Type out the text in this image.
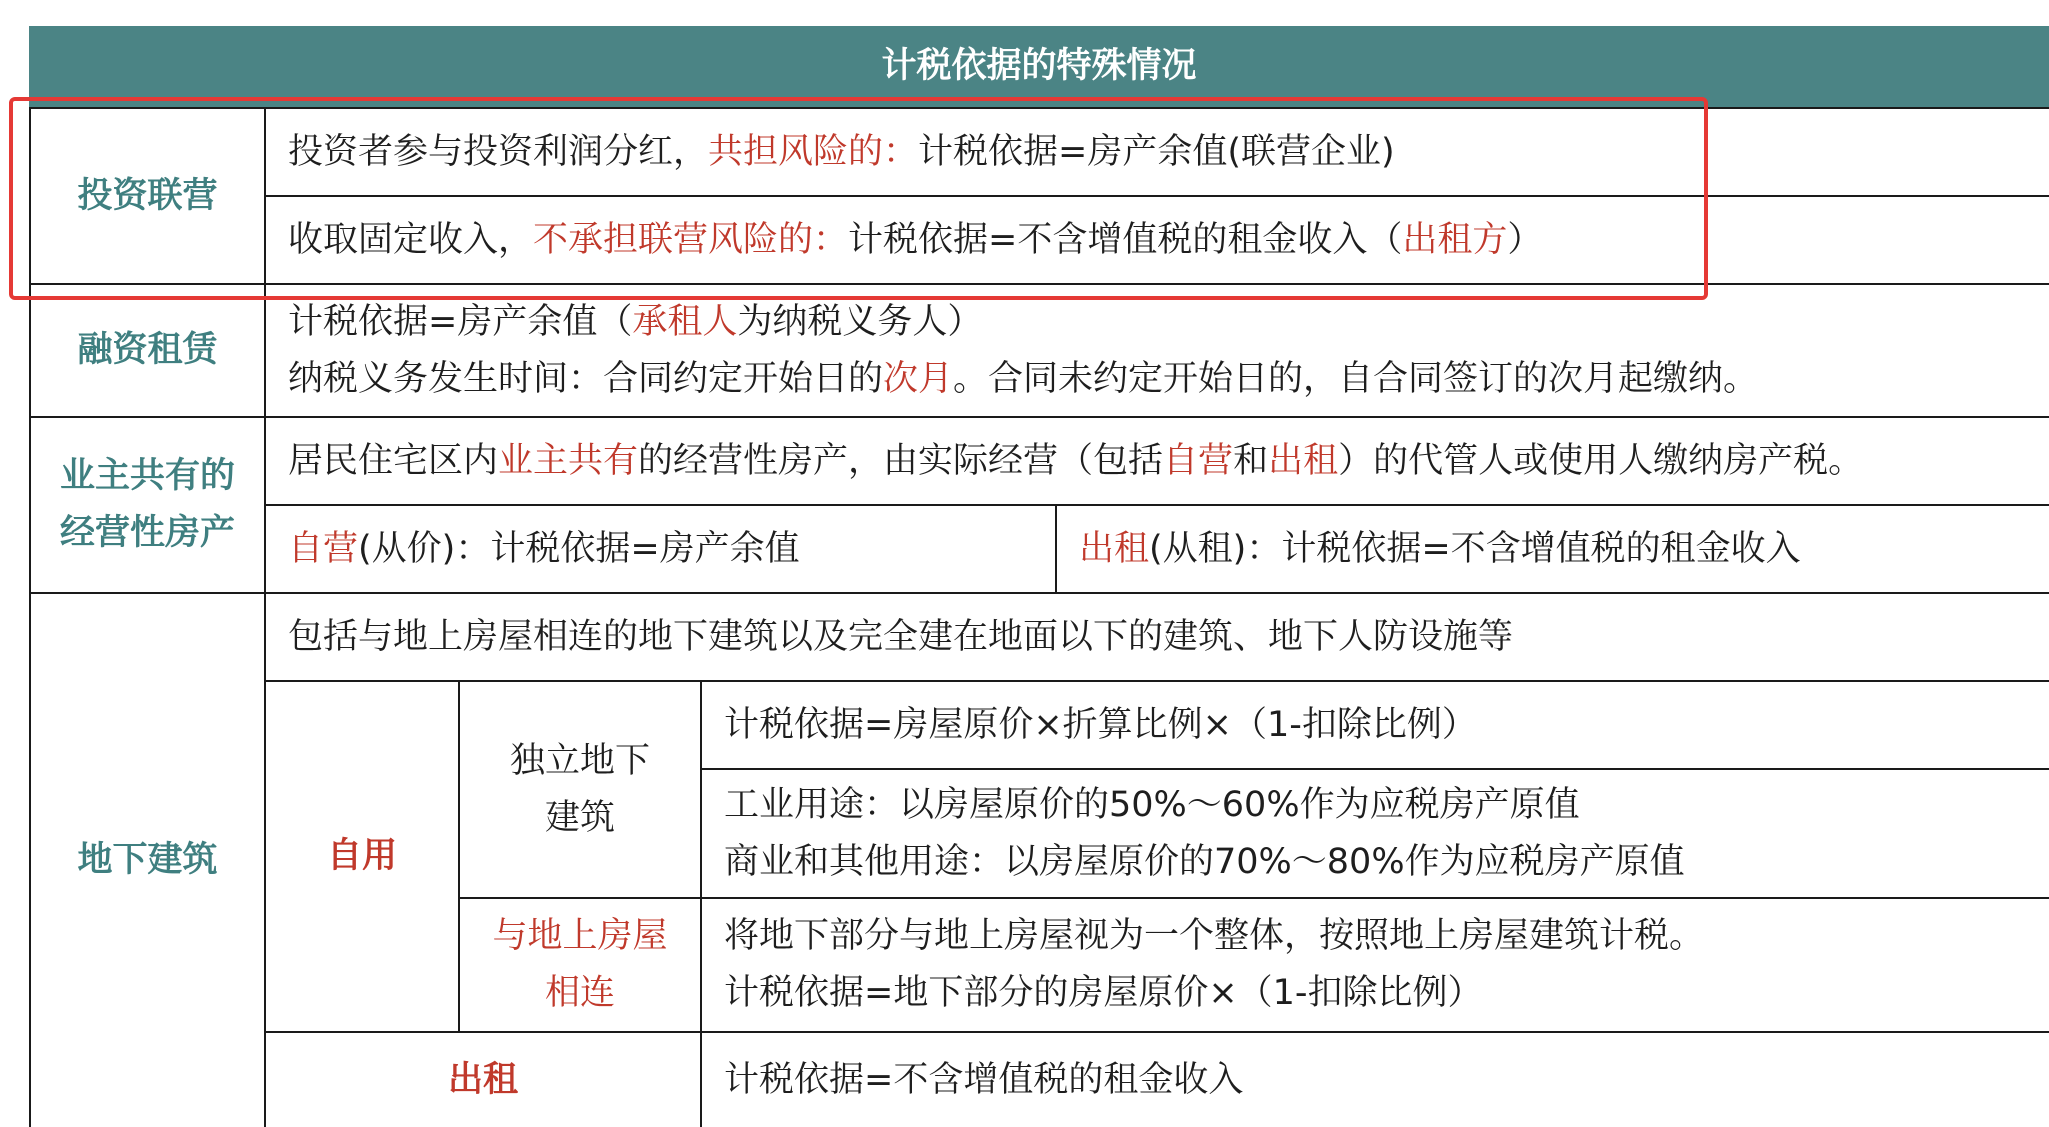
计税依据的特殊情况
投资联营
投资者参与投资利润分红，共担风险的：计税依据=房产余值(联营企业)
收取固定收入，不承担联营风险的：计税依据=不含增值税的租金收入（出租方）
融资租赁
计税依据=房产余值（承租人为纳税义务人）
纳税义务发生时间：合同约定开始日的次月。合同未约定开始日的，自合同签订的次月起缴纳。
业主共有的
经营性房产
居民住宅区内业主共有的经营性房产，由实际经营（包括自营和出租）的代管人或使用人缴纳房产税。
自营(从价)：计税依据=房产余值	出租(从租)：计税依据=不含增值税的租金收入
地下建筑
包括与地上房屋相连的地下建筑以及完全建在地面以下的建筑、地下人防设施等
自用
独立地下
建筑
计税依据=房屋原价×折算比例×（1-扣除比例）
工业用途：以房屋原价的50%～60%作为应税房产原值
商业和其他用途：以房屋原价的70%～80%作为应税房产原值
与地上房屋
相连
将地下部分与地上房屋视为一个整体，按照地上房屋建筑计税。
计税依据=地下部分的房屋原价×（1-扣除比例）
出租	计税依据=不含增值税的租金收入
